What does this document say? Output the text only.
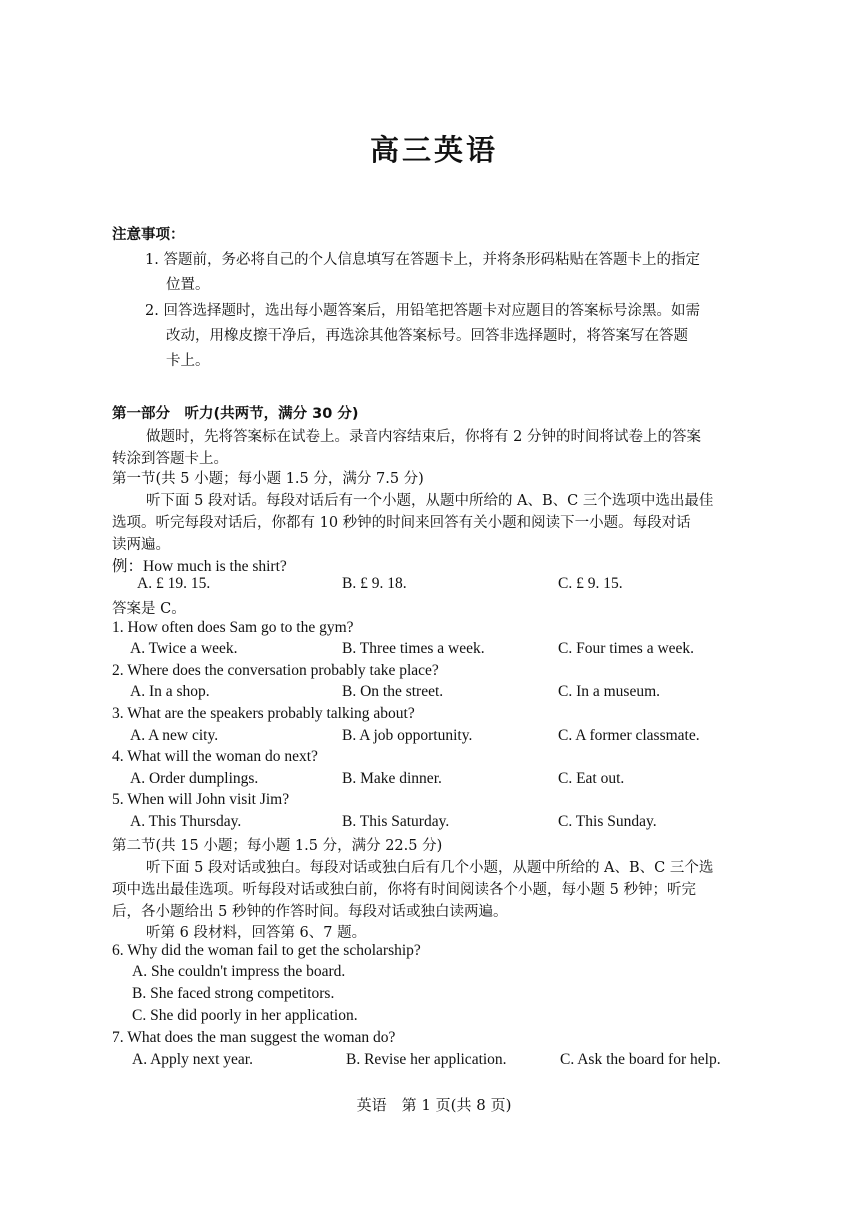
高三英语
注意事项：
1. 答题前，务必将自己的个人信息填写在答题卡上，并将条形码粘贴在答题卡上的指定
位置。
2. 回答选择题时，选出每小题答案后，用铅笔把答题卡对应题目的答案标号涂黑。如需
改动，用橡皮擦干净后，再选涂其他答案标号。回答非选择题时，将答案写在答题
卡上。
第一部分　听力(共两节，满分 30 分)
做题时，先将答案标在试卷上。录音内容结束后，你将有 2 分钟的时间将试卷上的答案
转涂到答题卡上。
第一节(共 5 小题；每小题 1.5 分，满分 7.5 分)
听下面 5 段对话。每段对话后有一个小题，从题中所给的 A、B、C 三个选项中选出最佳
选项。听完每段对话后，你都有 10 秒钟的时间来回答有关小题和阅读下一小题。每段对话
读两遍。
例：How much is the shirt?
A. £ 19. 15.	B. £ 9. 18.	C. £ 9. 15.
答案是 C。
1. How often does Sam go to the gym?
A. Twice a week.	B. Three times a week.	C. Four times a week.
2. Where does the conversation probably take place?
A. In a shop.	B. On the street.	C. In a museum.
3. What are the speakers probably talking about?
A. A new city.	B. A job opportunity.	C. A former classmate.
4. What will the woman do next?
A. Order dumplings.	B. Make dinner.	C. Eat out.
5. When will John visit Jim?
A. This Thursday.	B. This Saturday.	C. This Sunday.
第二节(共 15 小题；每小题 1.5 分，满分 22.5 分)
听下面 5 段对话或独白。每段对话或独白后有几个小题，从题中所给的 A、B、C 三个选
项中选出最佳选项。听每段对话或独白前，你将有时间阅读各个小题，每小题 5 秒钟；听完
后，各小题给出 5 秒钟的作答时间。每段对话或独白读两遍。
听第 6 段材料，回答第 6、7 题。
6. Why did the woman fail to get the scholarship?
A. She couldn't impress the board.
B. She faced strong competitors.
C. She did poorly in her application.
7. What does the man suggest the woman do?
A. Apply next year.	B. Revise her application.	C. Ask the board for help.
英语　第 1 页(共 8 页)
